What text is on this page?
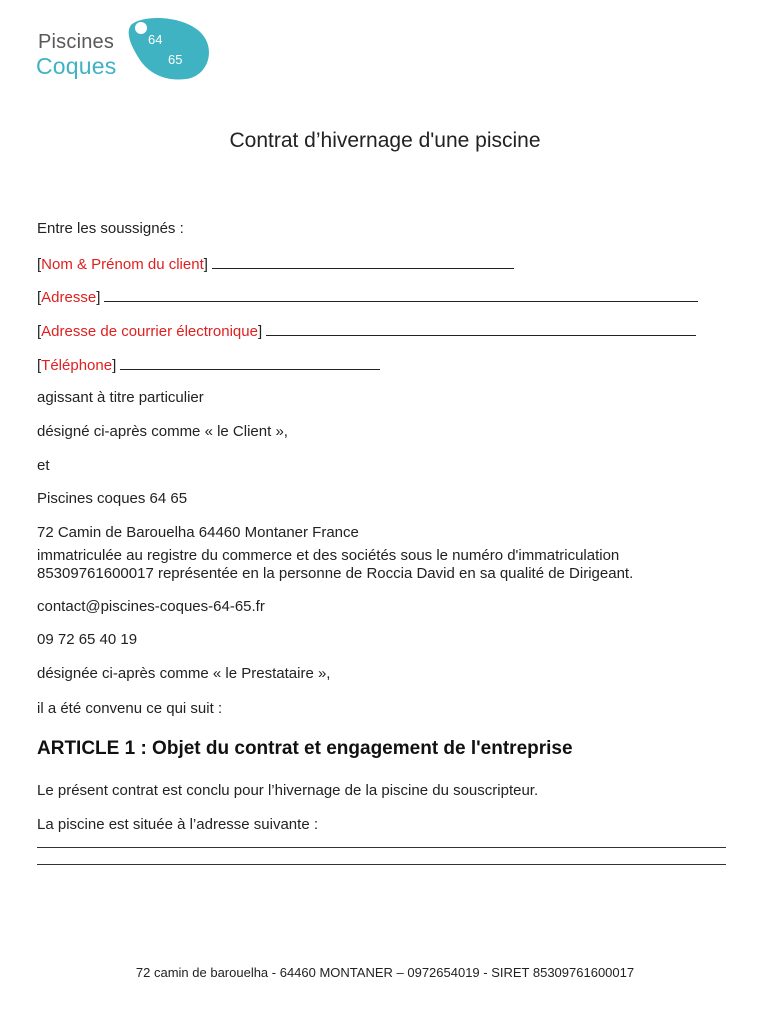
Piscines
Coques
64
65
Contrat d’hivernage d'une piscine
Entre les soussignés :
[Nom & Prénom du client]
[Adresse]
[Adresse de courrier électronique]
[Téléphone]
agissant à titre particulier
désigné ci-après comme « le Client »,
et
Piscines coques 64 65
72 Camin de Barouelha 64460 Montaner France
immatriculée au registre du commerce et des sociétés sous le numéro d'immatriculation
85309761600017 représentée en la personne de Roccia David en sa qualité de Dirigeant.
contact@piscines-coques-64-65.fr
09 72 65 40 19
désignée ci-après comme « le Prestataire »,
il a été convenu ce qui suit :
ARTICLE 1 : Objet du contrat et engagement de l'entreprise
Le présent contrat est conclu pour l’hivernage de la piscine du souscripteur.
La piscine est située à l’adresse suivante :
72 camin de barouelha - 64460 MONTANER – 0972654019 - SIRET 85309761600017
